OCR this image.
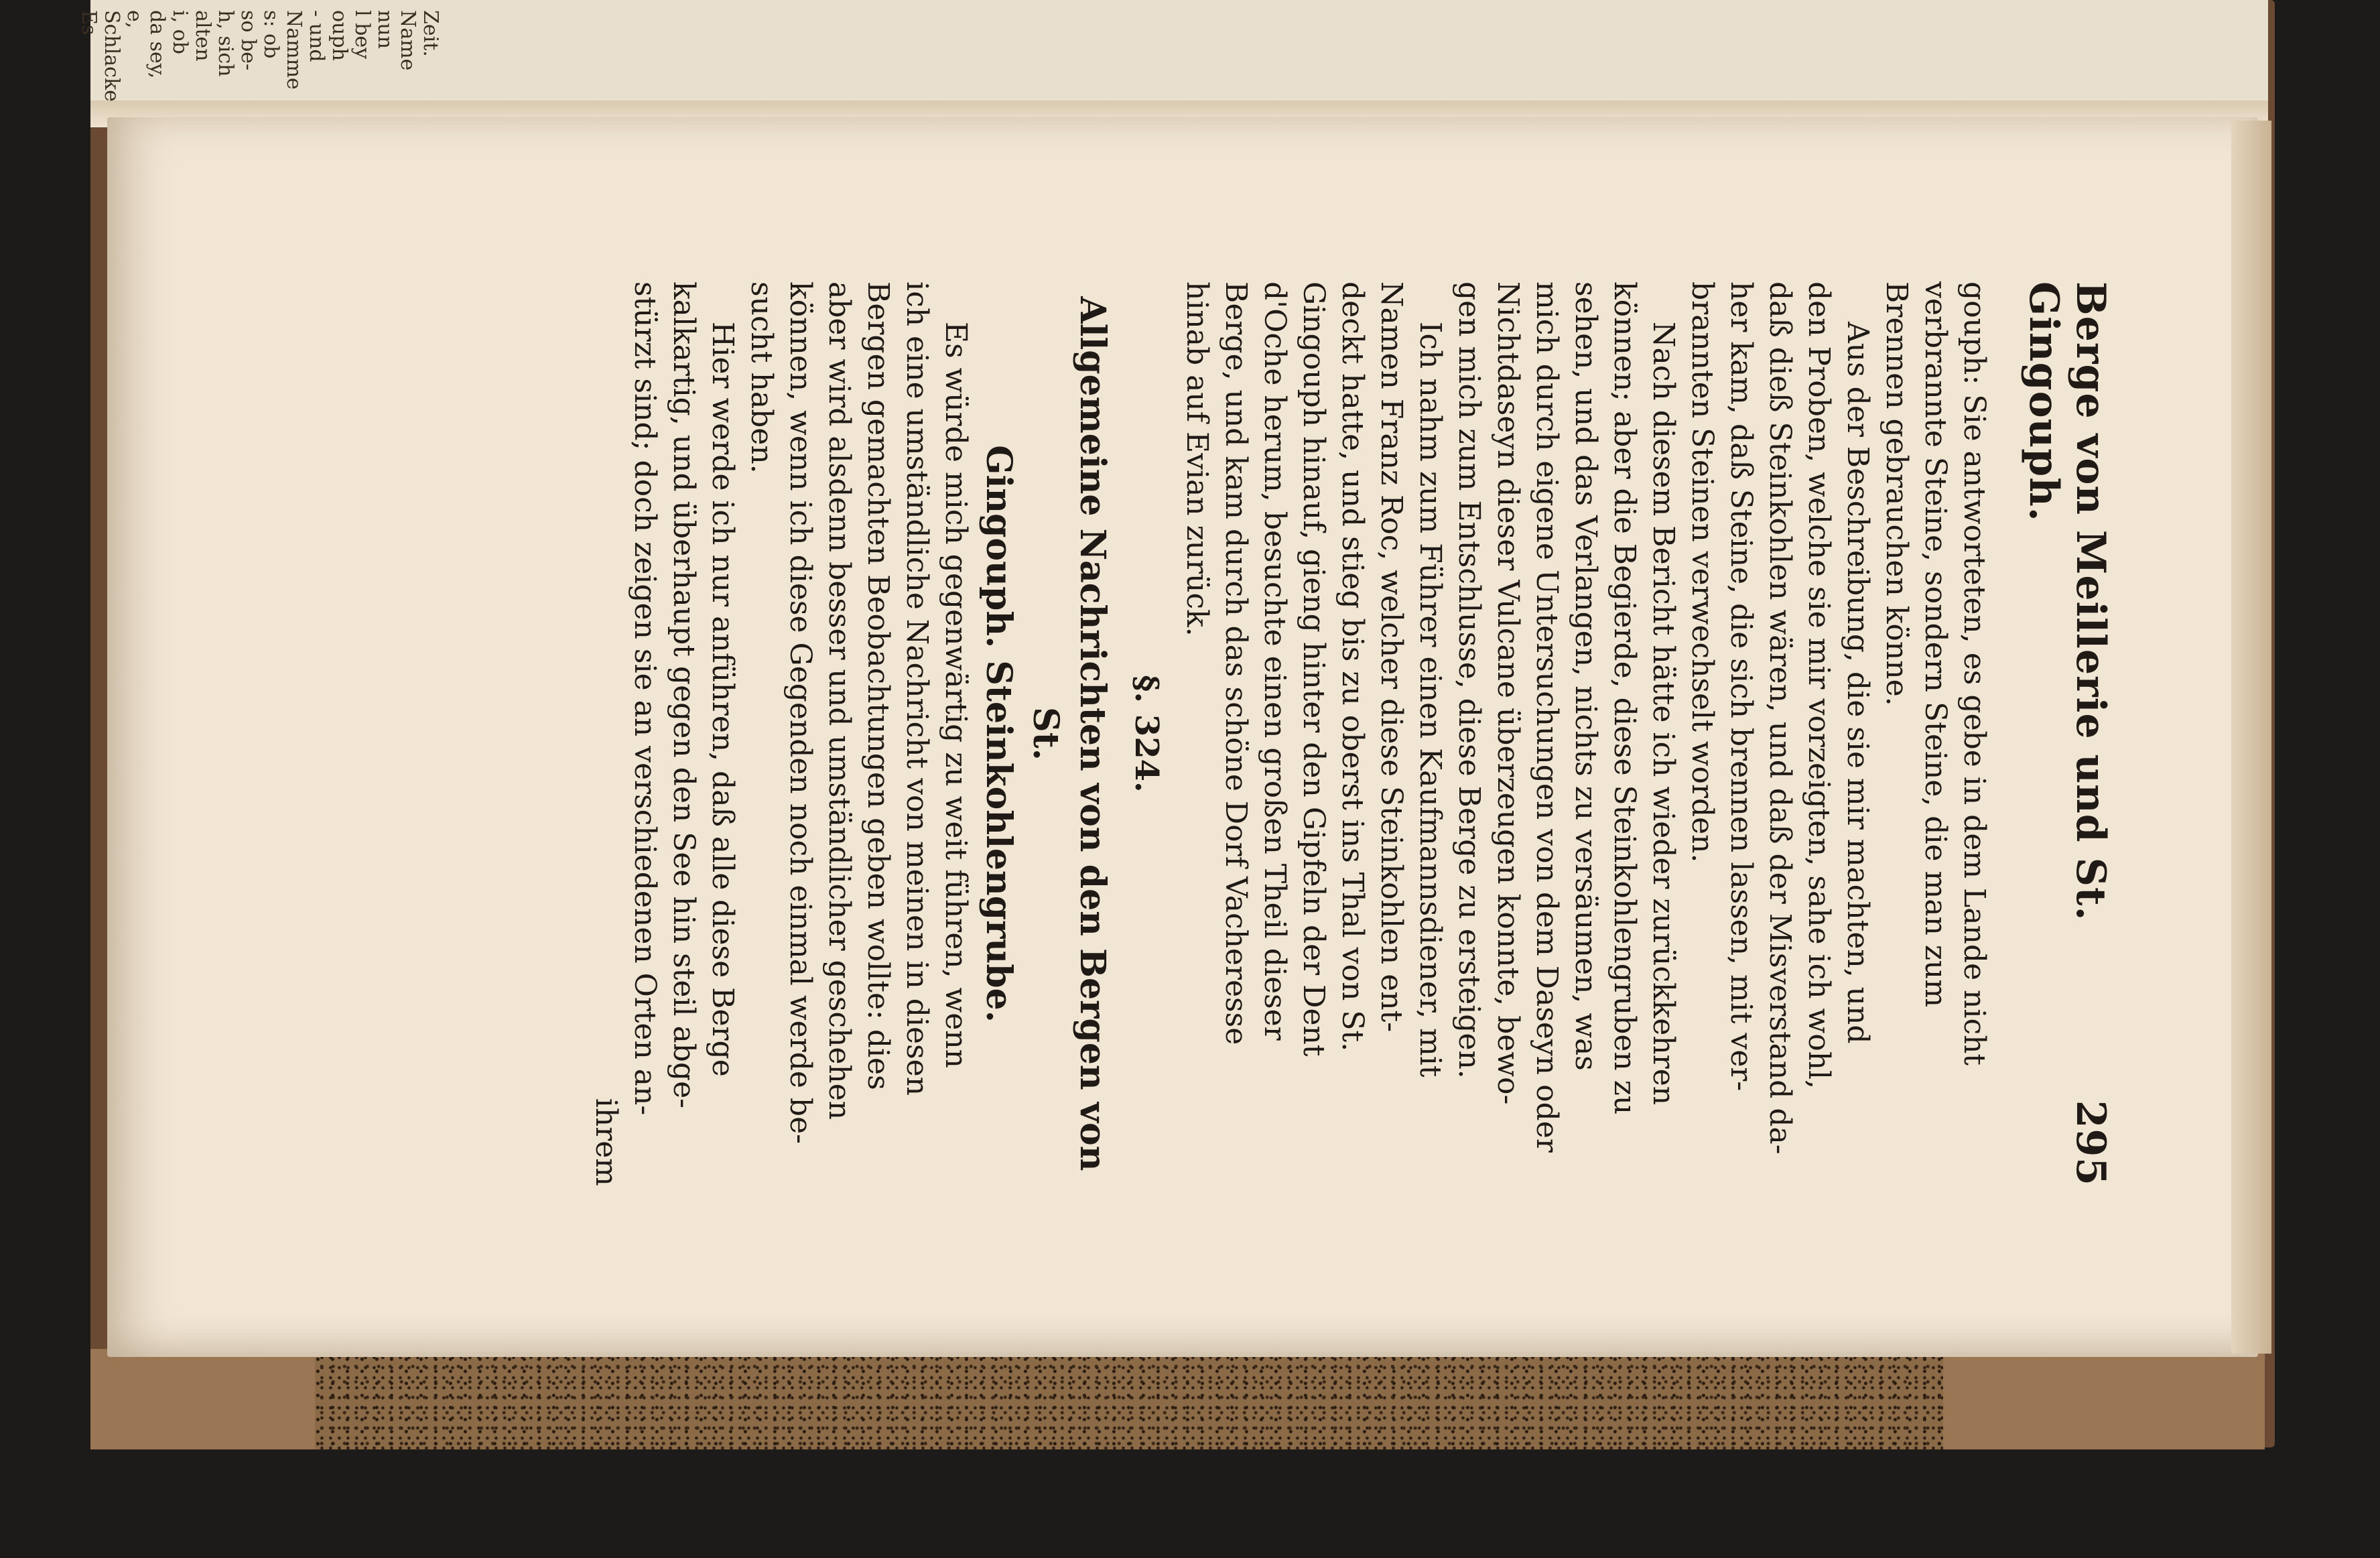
Es Schlacke e, da sey, i, ob alten h, sich so be- s: ob Namme - und ouph l bey nun Name Zeit.
Berge von Meillerie und St. Gingouph.
295
gouph: Sie antworteten, es gebe in dem Lande nicht
verbrannte Steine, sondern Steine, die man zum
Brennen gebrauchen könne.
Aus der Beschreibung, die sie mir machten, und
den Proben, welche sie mir vorzeigten, sahe ich wohl,
daß dieß Steinkohlen wären, und daß der Misverstand da-
her kam, daß Steine, die sich brennen lassen, mit ver-
brannten Steinen verwechselt worden.
Nach diesem Bericht hätte ich wieder zurückkehren
können; aber die Begierde, diese Steinkohlengruben zu
sehen, und das Verlangen, nichts zu versäumen, was
mich durch eigene Untersuchungen von dem Daseyn oder
Nichtdaseyn dieser Vulcane überzeugen konnte, bewo-
gen mich zum Entschlusse, diese Berge zu ersteigen.
Ich nahm zum Führer einen Kaufmannsdiener, mit
Namen Franz Roc, welcher diese Steinkohlen ent-
deckt hatte, und stieg bis zu oberst ins Thal von St.
Gingouph hinauf, gieng hinter den Gipfeln der Dent
d'Oche herum, besuchte einen großen Theil dieser
Berge, und kam durch das schöne Dorf Vacheresse
hinab auf Evian zurück.
§. 324.
Allgemeine Nachrichten von den Bergen von St.
Gingouph. Steinkohlengrube.
Es würde mich gegenwärtig zu weit führen, wenn
ich eine umständliche Nachricht von meinen in diesen
Bergen gemachten Beobachtungen geben wollte: dies
aber wird alsdenn besser und umständlicher geschehen
können, wenn ich diese Gegenden noch einmal werde be-
sucht haben.
Hier werde ich nur anführen, daß alle diese Berge
kalkartig, und überhaupt gegen den See hin steil abge-
stürzt sind; doch zeigen sie an verschiedenen Orten an-
ihrem
